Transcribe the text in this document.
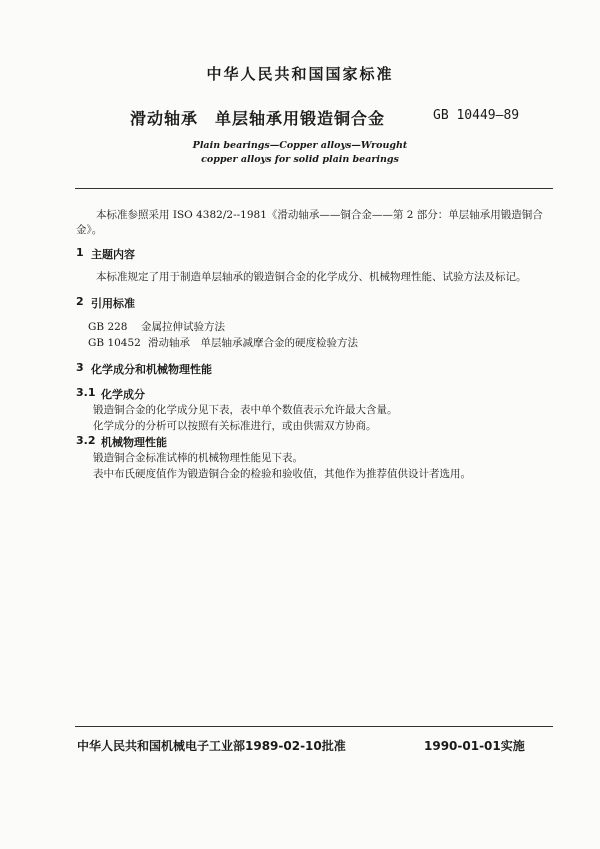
中华人民共和国国家标准
滑动轴承　单层轴承用锻造铜合金	GB 10449—89
Plain bearings—Copper alloys—Wrought
copper alloys for solid plain bearings
本标准参照采用 ISO 4382/2--1981《滑动轴承——铜合金——第 2 部分：单层轴承用锻造铜合
金》。
1 主题内容
本标准规定了用于制造单层轴承的锻造铜合金的化学成分、机械物理性能、试验方法及标记。
2 引用标准
GB 228 金属拉伸试验方法
GB 10452 滑动轴承　单层轴承减摩合金的硬度检验方法
3 化学成分和机械物理性能
3.1 化学成分
锻造铜合金的化学成分见下表，表中单个数值表示允许最大含量。
化学成分的分析可以按照有关标准进行，或由供需双方协商。
3.2 机械物理性能
锻造铜合金标准试棒的机械物理性能见下表。
表中布氏硬度值作为锻造铜合金的检验和验收值，其他作为推荐值供设计者选用。
中华人民共和国机械电子工业部 1989-02-10批准	1990-01-01实施
